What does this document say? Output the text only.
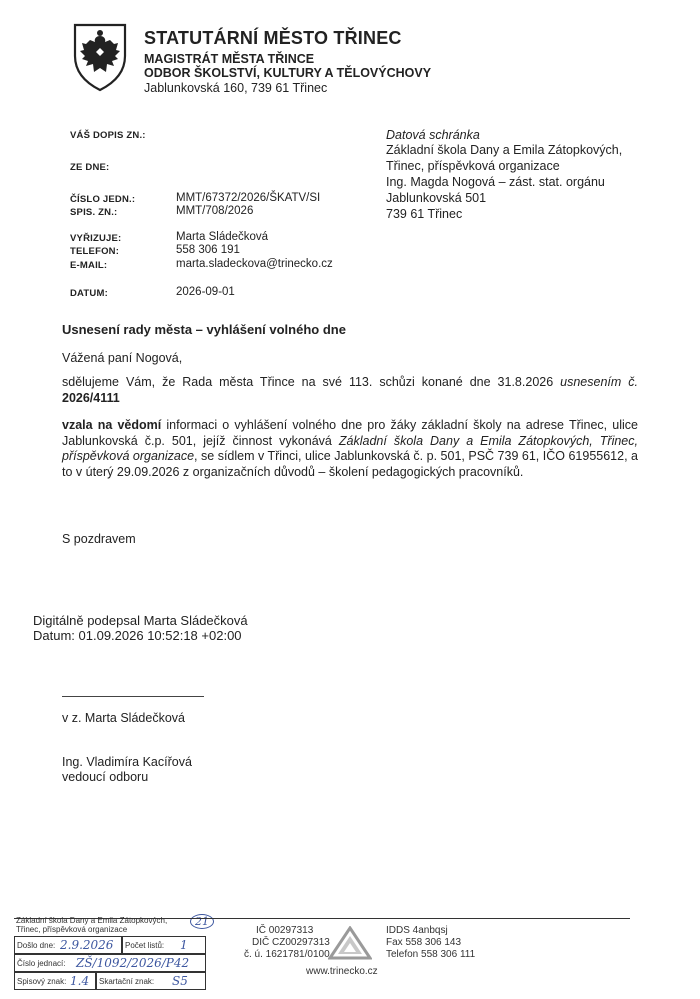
STATUTÁRNÍ MĚSTO TŘINEC
MAGISTRÁT MĚSTA TŘINCE
ODBOR ŠKOLSTVÍ, KULTURY A TĚLOVÝCHOVY
Jablunkovská 160, 739 61 Třinec
VÁŠ DOPIS ZN.:
ZE DNE:
ČÍSLO JEDN.:	MMT/67372/2026/ŠKATV/SI
SPIS. ZN.:	MMT/708/2026
VYŘIZUJE:	Marta Sládečková
TELEFON:	558 306 191
E-MAIL:	marta.sladeckova@trinecko.cz
DATUM:	2026-09-01
Datová schránka
Základní škola Dany a Emila Zátopkových,
Třinec, příspěvková organizace
Ing. Magda Nogová – zást. stat. orgánu
Jablunkovská 501
739 61 Třinec
Usnesení rady města – vyhlášení volného dne
Vážená paní Nogová,
sdělujeme Vám, že Rada města Třince na své 113. schůzi konané dne 31.8.2026 usnesením č. 2026/4111
vzala na vědomí informaci o vyhlášení volného dne pro žáky základní školy na adrese Třinec, ulice Jablunkovská č.p. 501, jejíž činnost vykonává Základní škola Dany a Emila Zátopkových, Třinec, příspěvková organizace, se sídlem v Třinci, ulice Jablunkovská č. p. 501, PSČ 739 61, IČO 61955612, a to v úterý 29.09.2026 z organizačních důvodů – školení pedagogických pracovníků.
S pozdravem
Digitálně podepsal Marta Sládečková
Datum: 01.09.2026 10:52:18 +02:00
v z. Marta Sládečková
Ing. Vladimíra Kacířová
vedoucí odboru
Základní škola Dany a Emila Zátopkových,
Třinec, příspěvková organizace
21
Došlo dne: 2.9.2026 Počet listů: 1
Číslo jednací: ZŠ/1092/2026/P42
Spisový znak: 1.4 Skartační znak: S5
IČ 00297313
DIČ CZ00297313
č. ú. 1621781/0100
www.trinecko.cz
IDDS 4anbqsj
Fax 558 306 143
Telefon 558 306 111
